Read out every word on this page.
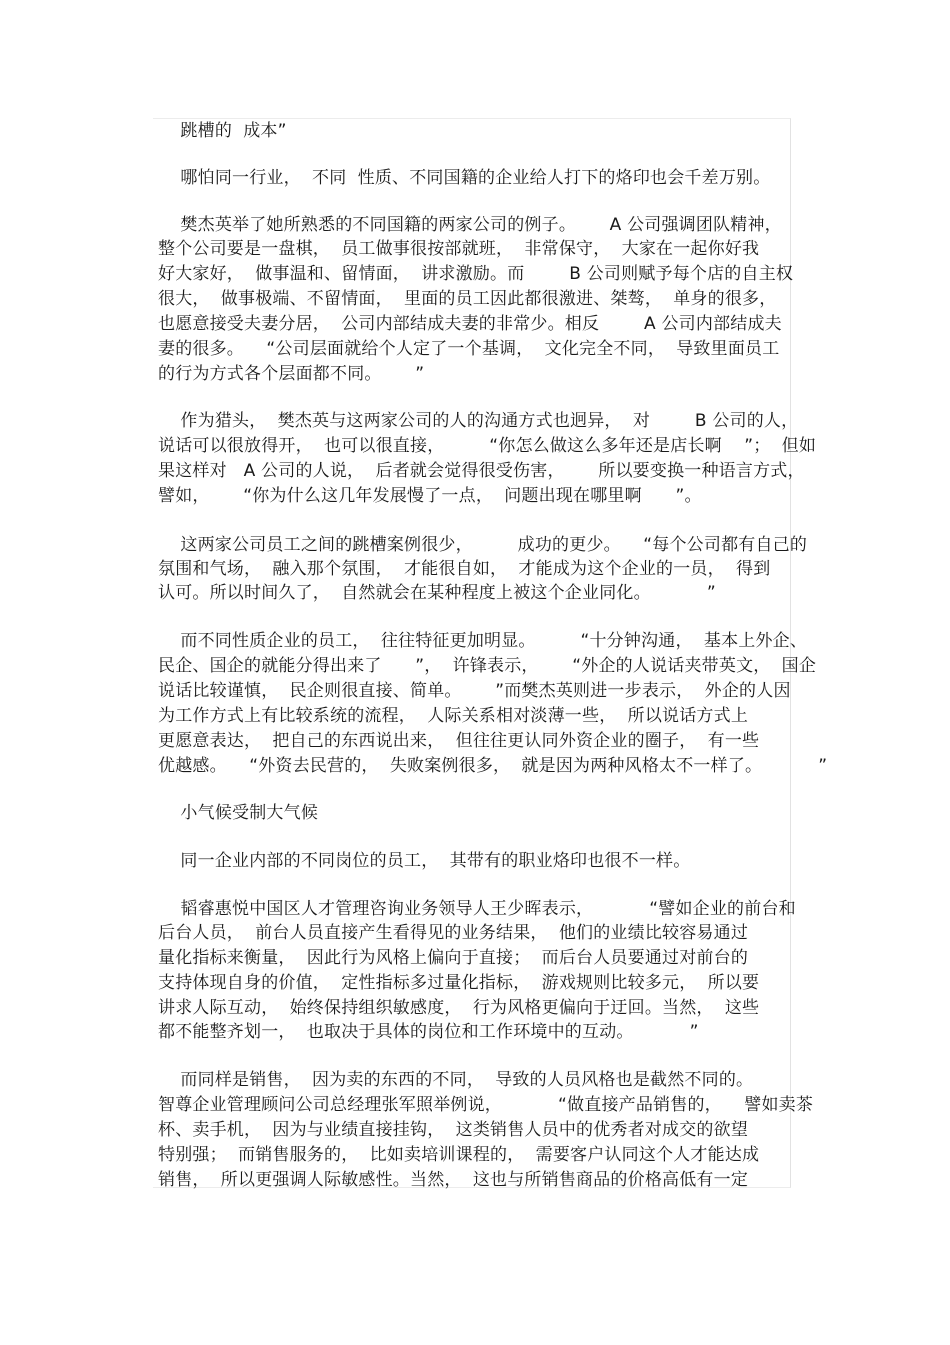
跳槽的  成本”

哪怕同一行业，  不同  性质、不同国籍的企业给人打下的烙印也会千差万别。

樊杰英举了她所熟悉的不同国籍的两家公司的例子。      A 公司强调团队精神，

整个公司要是一盘棋，  员工做事很按部就班，  非常保守，  大家在一起你好我

好大家好，  做事温和、留情面，  讲求激励。而        B 公司则赋予每个店的自主权

很大，  做事极端、不留情面，  里面的员工因此都很激进、桀骜，  单身的很多，

也愿意接受夫妻分居，  公司内部结成夫妻的非常少。相反        A 公司内部结成夫

妻的很多。    “公司层面就给个人定了一个基调，  文化完全不同，  导致里面员工

的行为方式各个层面都不同。      ”

作为猎头，  樊杰英与这两家公司的人的沟通方式也迥异，  对        B 公司的人，

说话可以很放得开，  也可以很直接，        “你怎么做这么多年还是店长啊    ”；  但如

果这样对   A 公司的人说，  后者就会觉得很受伤害，      所以要变换一种语言方式，

譬如，      “你为什么这几年发展慢了一点，  问题出现在哪里啊      ”。

这两家公司员工之间的跳槽案例很少，        成功的更少。    “每个公司都有自己的

氛围和气场，  融入那个氛围，  才能很自如，  才能成为这个企业的一员，  得到

认可。所以时间久了，  自然就会在某种程度上被这个企业同化。          ”

而不同性质企业的员工，  往往特征更加明显。        “十分钟沟通，  基本上外企、

民企、国企的就能分得出来了      ”，  许锋表示，      “外企的人说话夹带英文，  国企

说话比较谨慎，  民企则很直接、简单。      ”而樊杰英则进一步表示，  外企的人因

为工作方式上有比较系统的流程，  人际关系相对淡薄一些，  所以说话方式上

更愿意表达，  把自己的东西说出来，  但往往更认同外资企业的圈子，  有一些

优越感。    “外资去民营的，  失败案例很多，  就是因为两种风格太不一样了。          ”

小气候受制大气候

同一企业内部的不同岗位的员工，  其带有的职业烙印也很不一样。

韬睿惠悦中国区人才管理咨询业务领导人王少晖表示，          “譬如企业的前台和

后台人员，  前台人员直接产生看得见的业务结果，  他们的业绩比较容易通过

量化指标来衡量，  因此行为风格上偏向于直接；  而后台人员要通过对前台的

支持体现自身的价值，  定性指标多过量化指标，  游戏规则比较多元，  所以要

讲求人际互动，  始终保持组织敏感度，  行为风格更偏向于迂回。当然，  这些

都不能整齐划一，  也取决于具体的岗位和工作环境中的互动。          ”

而同样是销售，  因为卖的东西的不同，  导致的人员风格也是截然不同的。

智尊企业管理顾问公司总经理张军照举例说，          “做直接产品销售的，    譬如卖茶

杯、卖手机，  因为与业绩直接挂钩，  这类销售人员中的优秀者对成交的欲望

特别强；  而销售服务的，  比如卖培训课程的，  需要客户认同这个人才能达成

销售，  所以更强调人际敏感性。当然，  这也与所销售商品的价格高低有一定
